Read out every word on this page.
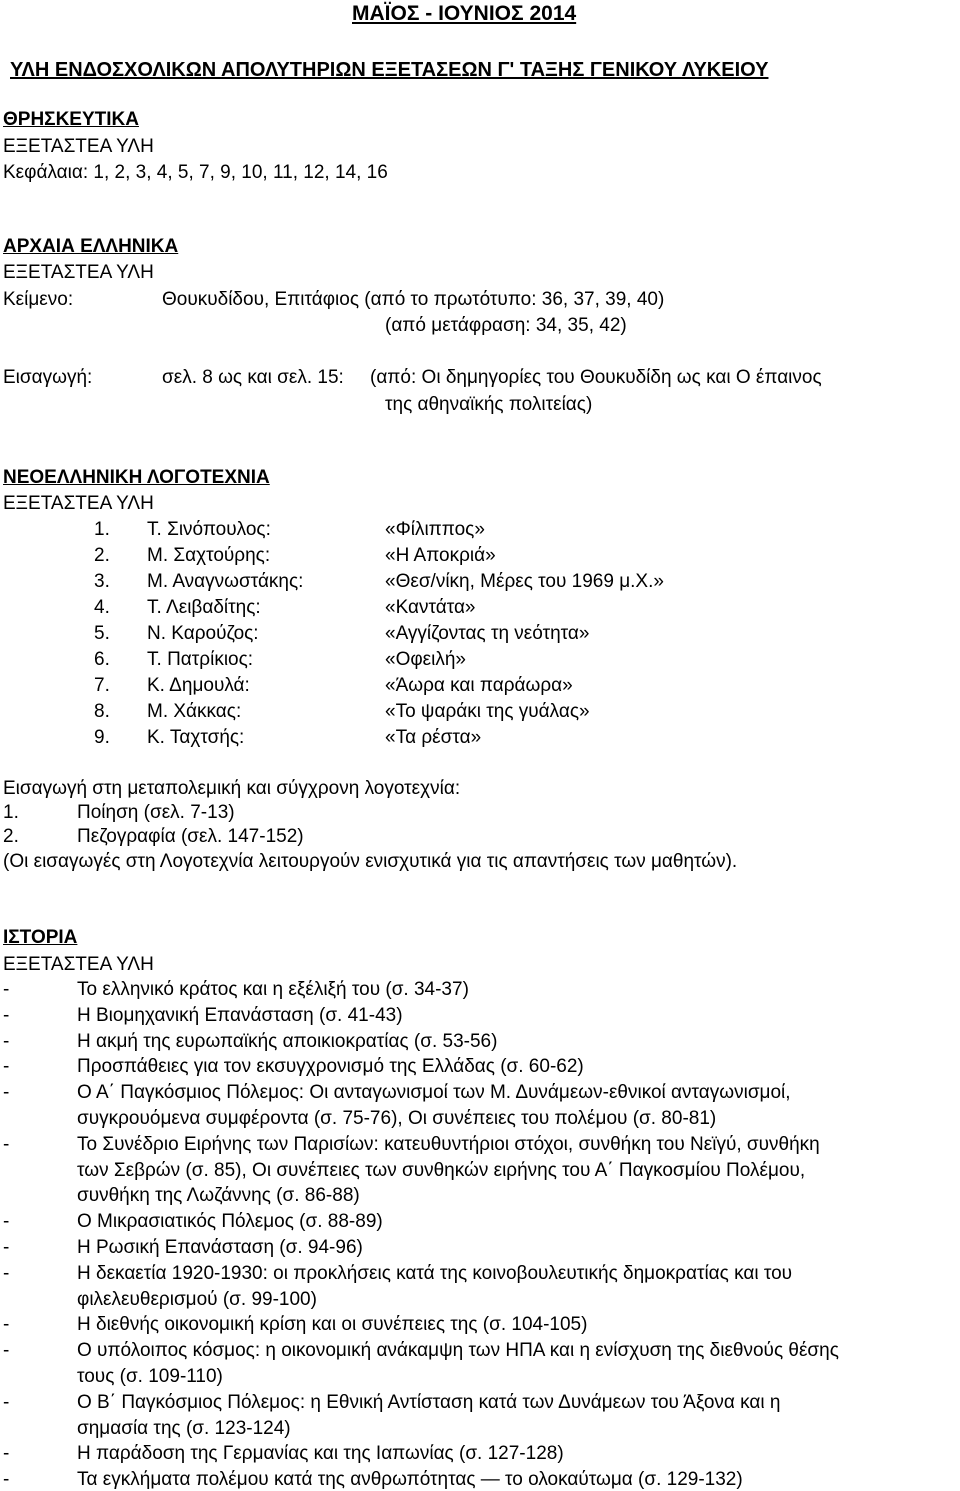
ΜΑΪΟΣ - ΙΟΥΝΙΟΣ 2014
ΥΛΗ ΕΝΔΟΣΧΟΛΙΚΩΝ ΑΠΟΛΥΤΗΡΙΩΝ ΕΞΕΤΑΣΕΩΝ Γ' ΤΑΞΗΣ ΓΕΝΙΚΟΥ ΛΥΚΕΙΟΥ
ΘΡΗΣΚΕΥΤΙΚΑ
ΕΞΕΤΑΣΤΕΑ ΥΛΗ
Κεφάλαια: 1, 2, 3, 4, 5, 7, 9, 10, 11, 12, 14, 16
ΑΡΧΑΙΑ ΕΛΛΗΝΙΚΑ
ΕΞΕΤΑΣΤΕΑ ΥΛΗ
Κείμενο:	Θουκυδίδου, Επιτάφιος (από το πρωτότυπο: 36, 37, 39, 40)
(από μετάφραση: 34, 35, 42)
Εισαγωγή:	σελ. 8 ως και σελ. 15: (από: Οι δημηγορίες του Θουκυδίδη ως και Ο έπαινος
της αθηναϊκής πολιτείας)
ΝΕΟΕΛΛΗΝΙΚΗ ΛΟΓΟΤΕΧΝΙΑ
ΕΞΕΤΑΣΤΕΑ ΥΛΗ
1. Τ. Σινόπουλος:	«Φίλιππος»
2. Μ. Σαχτούρης:	«Η Αποκριά»
3. Μ. Αναγνωστάκης:	«Θεσ/νίκη, Μέρες του 1969 μ.Χ.»
4. Τ. Λειβαδίτης:	«Καντάτα»
5. Ν. Καρούζος:	«Αγγίζοντας τη νεότητα»
6. Τ. Πατρίκιος:	«Οφειλή»
7. Κ. Δημουλά:	«Άωρα και παράωρα»
8. Μ. Χάκκας:	«Το ψαράκι της γυάλας»
9. Κ. Ταχτσής:	«Τα ρέστα»
Εισαγωγή στη μεταπολεμική και σύγχρονη λογοτεχνία:
1.	Ποίηση (σελ. 7-13)
2.	Πεζογραφία (σελ. 147-152)
(Οι εισαγωγές στη Λογοτεχνία λειτουργούν ενισχυτικά για τις απαντήσεις των μαθητών).
ΙΣΤΟΡΙΑ
ΕΞΕΤΑΣΤΕΑ ΥΛΗ
-	Το ελληνικό κράτος και η εξέλιξή του (σ. 34-37)
-	Η Βιομηχανική Επανάσταση (σ. 41-43)
-	Η ακμή της ευρωπαϊκής αποικιοκρατίας (σ. 53-56)
-	Προσπάθειες για τον εκσυγχρονισμό της Ελλάδας (σ. 60-62)
-	Ο Α΄ Παγκόσμιος Πόλεμος: Οι ανταγωνισμοί των Μ. Δυνάμεων-εθνικοί ανταγωνισμοί,
συγκρουόμενα συμφέροντα (σ. 75-76), Οι συνέπειες του πολέμου (σ. 80-81)
-	Το Συνέδριο Ειρήνης των Παρισίων: κατευθυντήριοι στόχοι, συνθήκη του Νεϊγύ, συνθήκη
των Σεβρών (σ. 85), Οι συνέπειες των συνθηκών ειρήνης του Α΄ Παγκοσμίου Πολέμου,
συνθήκη της Λωζάννης (σ. 86-88)
-	Ο Μικρασιατικός Πόλεμος (σ. 88-89)
-	Η Ρωσική Επανάσταση (σ. 94-96)
-	Η δεκαετία 1920-1930: οι προκλήσεις κατά της κοινοβουλευτικής δημοκρατίας και του
φιλελευθερισμού (σ. 99-100)
-	Η διεθνής οικονομική κρίση και οι συνέπειες της (σ. 104-105)
-	Ο υπόλοιπος κόσμος: η οικονομική ανάκαμψη των ΗΠΑ και η ενίσχυση της διεθνούς θέσης
τους (σ. 109-110)
-	Ο Β΄ Παγκόσμιος Πόλεμος: η Εθνική Αντίσταση κατά των Δυνάμεων του Άξονα και η
σημασία της (σ. 123-124)
-	Η παράδοση της Γερμανίας και της Ιαπωνίας (σ. 127-128)
-	Τα εγκλήματα πολέμου κατά της ανθρωπότητας — το ολοκαύτωμα (σ. 129-132)
